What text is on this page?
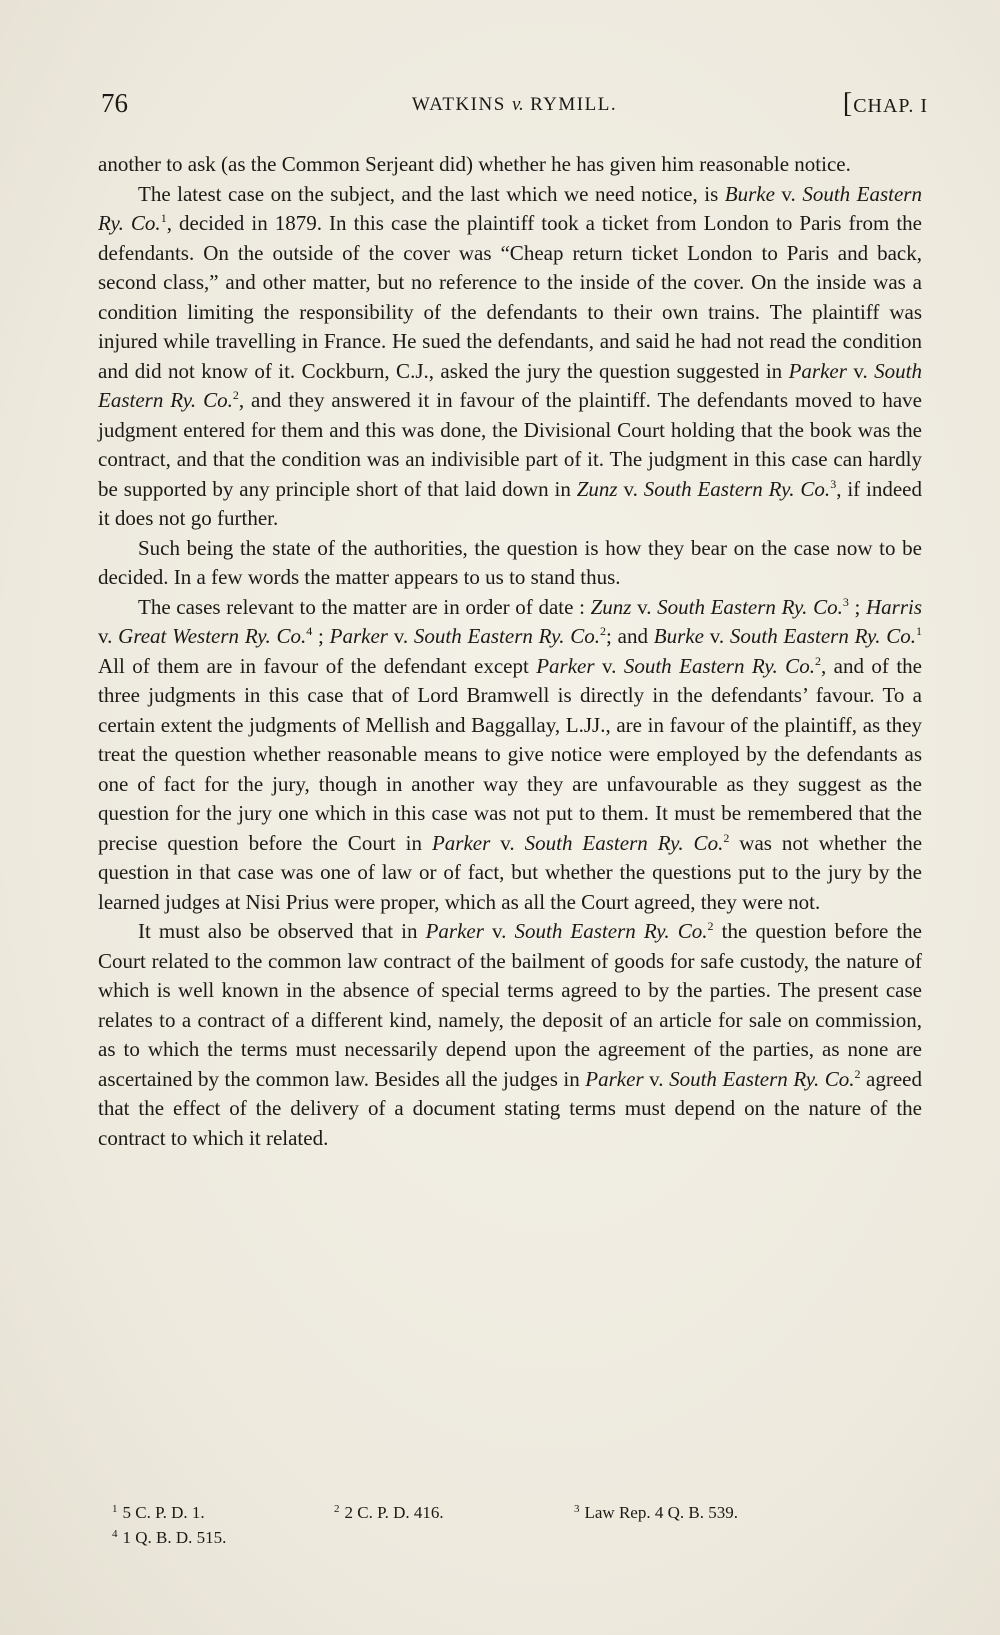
76	WATKINS v. RYMILL.	[CHAP. I

another to ask (as the Common Serjeant did) whether he has given him reasonable notice.

The latest case on the subject, and the last which we need notice, is Burke v. South Eastern Ry. Co.$^1$, decided in 1879. In this case the plaintiff took a ticket from London to Paris from the defendants. On the outside of the cover was “Cheap return ticket London to Paris and back, second class,” and other matter, but no reference to the inside of the cover. On the inside was a condition limiting the responsibility of the defendants to their own trains. The plaintiff was injured while travelling in France. He sued the defendants, and said he had not read the condition and did not know of it. Cockburn, C.J., asked the jury the question suggested in Parker v. South Eastern Ry. Co.$^2$, and they answered it in favour of the plaintiff. The defendants moved to have judgment entered for them and this was done, the Divisional Court holding that the book was the contract, and that the condition was an indivisible part of it. The judgment in this case can hardly be supported by any principle short of that laid down in Zunz v. South Eastern Ry. Co.$^3$, if indeed it does not go further.

Such being the state of the authorities, the question is how they bear on the case now to be decided. In a few words the matter appears to us to stand thus.

The cases relevant to the matter are in order of date : Zunz v. South Eastern Ry. Co.$^3$ ; Harris v. Great Western Ry. Co.$^4$ ; Parker v. South Eastern Ry. Co.$^2$; and Burke v. South Eastern Ry. Co.$^1$ All of them are in favour of the defendant except Parker v. South Eastern Ry. Co.$^2$, and of the three judgments in this case that of Lord Bramwell is directly in the defendants’ favour. To a certain extent the judgments of Mellish and Baggallay, L.JJ., are in favour of the plaintiff, as they treat the question whether reasonable means to give notice were employed by the defendants as one of fact for the jury, though in another way they are unfavourable as they suggest as the question for the jury one which in this case was not put to them. It must be remembered that the precise question before the Court in Parker v. South Eastern Ry. Co.$^2$ was not whether the question in that case was one of law or of fact, but whether the questions put to the jury by the learned judges at Nisi Prius were proper, which as all the Court agreed, they were not.

It must also be observed that in Parker v. South Eastern Ry. Co.$^2$ the question before the Court related to the common law contract of the bailment of goods for safe custody, the nature of which is well known in the absence of special terms agreed to by the parties. The present case relates to a contract of a different kind, namely, the deposit of an article for sale on commission, as to which the terms must necessarily depend upon the agreement of the parties, as none are ascertained by the common law. Besides all the judges in Parker v. South Eastern Ry. Co.$^2$ agreed that the effect of the delivery of a document stating terms must depend on the nature of the contract to which it related.

$^1$ 5 C. P. D. 1.	$^2$ 2 C. P. D. 416.	$^3$ Law Rep. 4 Q. B. 539.
$^4$ 1 Q. B. D. 515.
